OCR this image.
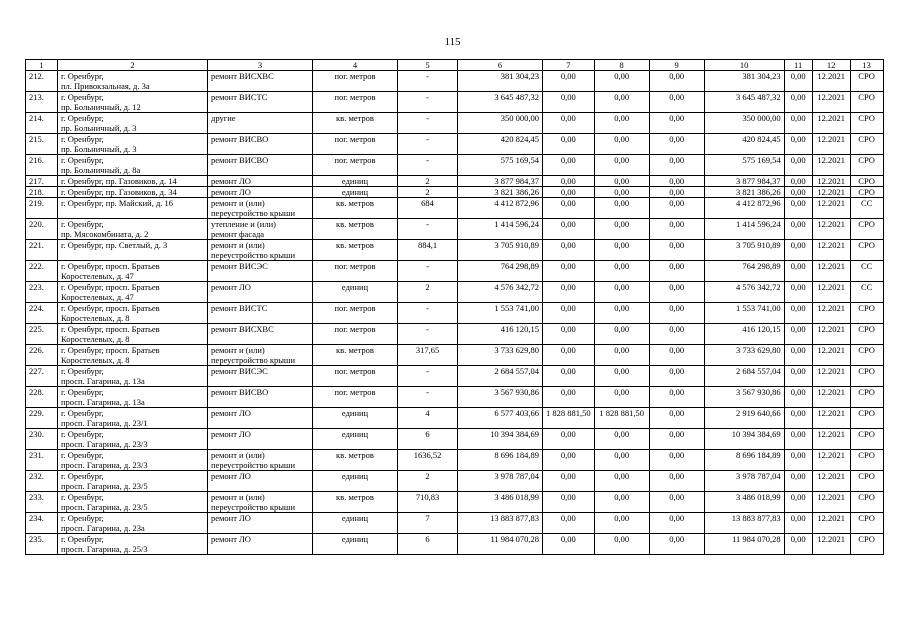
115
1	2	3	4	5	6	7	8	9	10	11	12	13
212.	г. Оренбург,
пл. Привокзальная, д. 3а	ремонт ВИСХВС	пог. метров	-	381 304,23	0,00	0,00	0,00	381 304,23	0,00	12.2021	СРО
213.	г. Оренбург,
пр. Больничный, д. 12	ремонт ВИСТС	пог. метров	-	3 645 487,32	0,00	0,00	0,00	3 645 487,32	0,00	12.2021	СРО
214.	г. Оренбург,
пр. Больничный, д. 3	другие	кв. метров	-	350 000,00	0,00	0,00	0,00	350 000,00	0,00	12.2021	СРО
215.	г. Оренбург,
пр. Больничный, д. 3	ремонт ВИСВО	пог. метров	-	420 824,45	0,00	0,00	0,00	420 824,45	0,00	12.2021	СРО
216.	г. Оренбург,
пр. Больничный, д. 8а	ремонт ВИСВО	пог. метров	-	575 169,54	0,00	0,00	0,00	575 169,54	0,00	12.2021	СРО
217.	г. Оренбург, пр. Газовиков, д. 14	ремонт ЛО	единиц	2	3 877 984,37	0,00	0,00	0,00	3 877 984,37	0,00	12.2021	СРО
218.	г. Оренбург, пр. Газовиков, д. 34	ремонт ЛО	единиц	2	3 821 386,26	0,00	0,00	0,00	3 821 386,26	0,00	12.2021	СРО
219.	г. Оренбург, пр. Майский, д. 16	ремонт и (или)
переустройство крыши	кв. метров	684	4 412 872,96	0,00	0,00	0,00	4 412 872,96	0,00	12.2021	СС
220.	г. Оренбург,
пр. Мясокомбината, д. 2	утепление и (или)
ремонт фасада	кв. метров	-	1 414 596,24	0,00	0,00	0,00	1 414 596,24	0,00	12.2021	СРО
221.	г. Оренбург, пр. Светлый, д. 3	ремонт и (или)
переустройство крыши	кв. метров	884,1	3 705 910,89	0,00	0,00	0,00	3 705 910,89	0,00	12.2021	СРО
222.	г. Оренбург, просп. Братьев
Коростелевых, д. 47	ремонт ВИСЭС	пог. метров	-	764 298,89	0,00	0,00	0,00	764 298,89	0,00	12.2021	СС
223.	г. Оренбург, просп. Братьев
Коростелевых, д. 47	ремонт ЛО	единиц	2	4 576 342,72	0,00	0,00	0,00	4 576 342,72	0,00	12.2021	СС
224.	г. Оренбург, просп. Братьев
Коростелевых, д. 8	ремонт ВИСТС	пог. метров	-	1 553 741,00	0,00	0,00	0,00	1 553 741,00	0,00	12.2021	СРО
225.	г. Оренбург, просп. Братьев
Коростелевых, д. 8	ремонт ВИСХВС	пог. метров	-	416 120,15	0,00	0,00	0,00	416 120,15	0,00	12.2021	СРО
226.	г. Оренбург, просп. Братьев
Коростелевых, д. 8	ремонт и (или)
переустройство крыши	кв. метров	317,65	3 733 629,80	0,00	0,00	0,00	3 733 629,80	0,00	12.2021	СРО
227.	г. Оренбург,
просп. Гагарина, д. 13а	ремонт ВИСЭС	пог. метров	-	2 684 557,04	0,00	0,00	0,00	2 684 557,04	0,00	12.2021	СРО
228.	г. Оренбург,
просп. Гагарина, д. 13а	ремонт ВИСВО	пог. метров	-	3 567 930,86	0,00	0,00	0,00	3 567 930,86	0,00	12.2021	СРО
229.	г. Оренбург,
просп. Гагарина, д. 23/1	ремонт ЛО	единиц	4	6 577 403,66	1 828 881,50	1 828 881,50	0,00	2 919 640,66	0,00	12.2021	СРО
230.	г. Оренбург,
просп. Гагарина, д. 23/3	ремонт ЛО	единиц	6	10 394 384,69	0,00	0,00	0,00	10 394 384,69	0,00	12.2021	СРО
231.	г. Оренбург,
просп. Гагарина, д. 23/3	ремонт и (или)
переустройство крыши	кв. метров	1636,52	8 696 184,89	0,00	0,00	0,00	8 696 184,89	0,00	12.2021	СРО
232.	г. Оренбург,
просп. Гагарина, д. 23/5	ремонт ЛО	единиц	2	3 978 787,04	0,00	0,00	0,00	3 978 787,04	0,00	12.2021	СРО
233.	г. Оренбург,
просп. Гагарина, д. 23/5	ремонт и (или)
переустройство крыши	кв. метров	710,83	3 486 018,99	0,00	0,00	0,00	3 486 018,99	0,00	12.2021	СРО
234.	г. Оренбург,
просп. Гагарина, д. 23а	ремонт ЛО	единиц	7	13 883 877,83	0,00	0,00	0,00	13 883 877,83	0,00	12.2021	СРО
235.	г. Оренбург,
просп. Гагарина, д. 25/3	ремонт ЛО	единиц	6	11 984 070,28	0,00	0,00	0,00	11 984 070,28	0,00	12.2021	СРО
